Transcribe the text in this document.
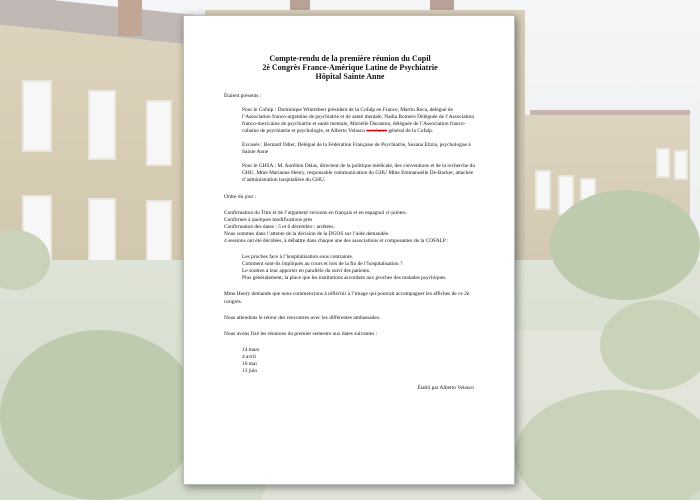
Compte-rendu de la première réunion du Copil
2è Congrès France-Amérique Latine de Psychiatrie
Hôpital Sainte Anne

Étaient présents :

Pour le Cofalp : Dominique Wintrebert président de la Cofalp en France, Martin Reca, délégué de l’Association franco-argentine de psychiatrie et de santé mentale, Nadia Romero Déléguée de l’Association franco-mexicaine de psychiatrie et santé mentale, Murielle Duranton, déléguée de l’Association franco-cubaine de psychiatrie et psychologie, et Alberto Velasco secrétaire général de la Cofalp.

Excusés : Bernard Odier, Délégué de la Fédération Française de Psychiatrie, Susana Elizia, psychologue à Sainte Anne

Pour le GHSA : M. Aurélien Delas, directeur de la politique médicale, des conventions et de la recherche du GHU, Mme Marianne Henry, responsable communication du GHU Mme Emmanuelle De-Backer, attachée d’administration hospitalière du GHU.

Ordre du jour :

Confirmation du Titre et de l’argument versions en français et en espagnol ci-jointes.

Confirmés à quelques modifications près

Confirmation des dates : 5 et 6 décembre : arrêtées.

Nous sommes dans l’attente de la décision de la DGOS sur l’aide demandée.

4 sessions ont été décidées, à débattre dans chaque une des associations et composantes de la COFALP :

Les proches face à l’hospitalisation sous contrainte.

Comment sont-ils impliqués au cours et lors de la fin de l’hospitalisation ?

Le soutien à leur apporter en parallèle du suivi des patients.

Plus généralement, la place que les institutions accordent aux proches des malades psychiques.

Mme Henry demande que nous commencions à réfléchir à l’image qui pourrait accompagner les affiches de ce 2è congrès.

Nous attendons le retour des rencontres avec les différentes ambassades.

Nous avons fixé les réunions du premier semestre aux dates suivantes :

14 mars
4 avril
16 mai
13 juin

Établi par Alberto Velasco
